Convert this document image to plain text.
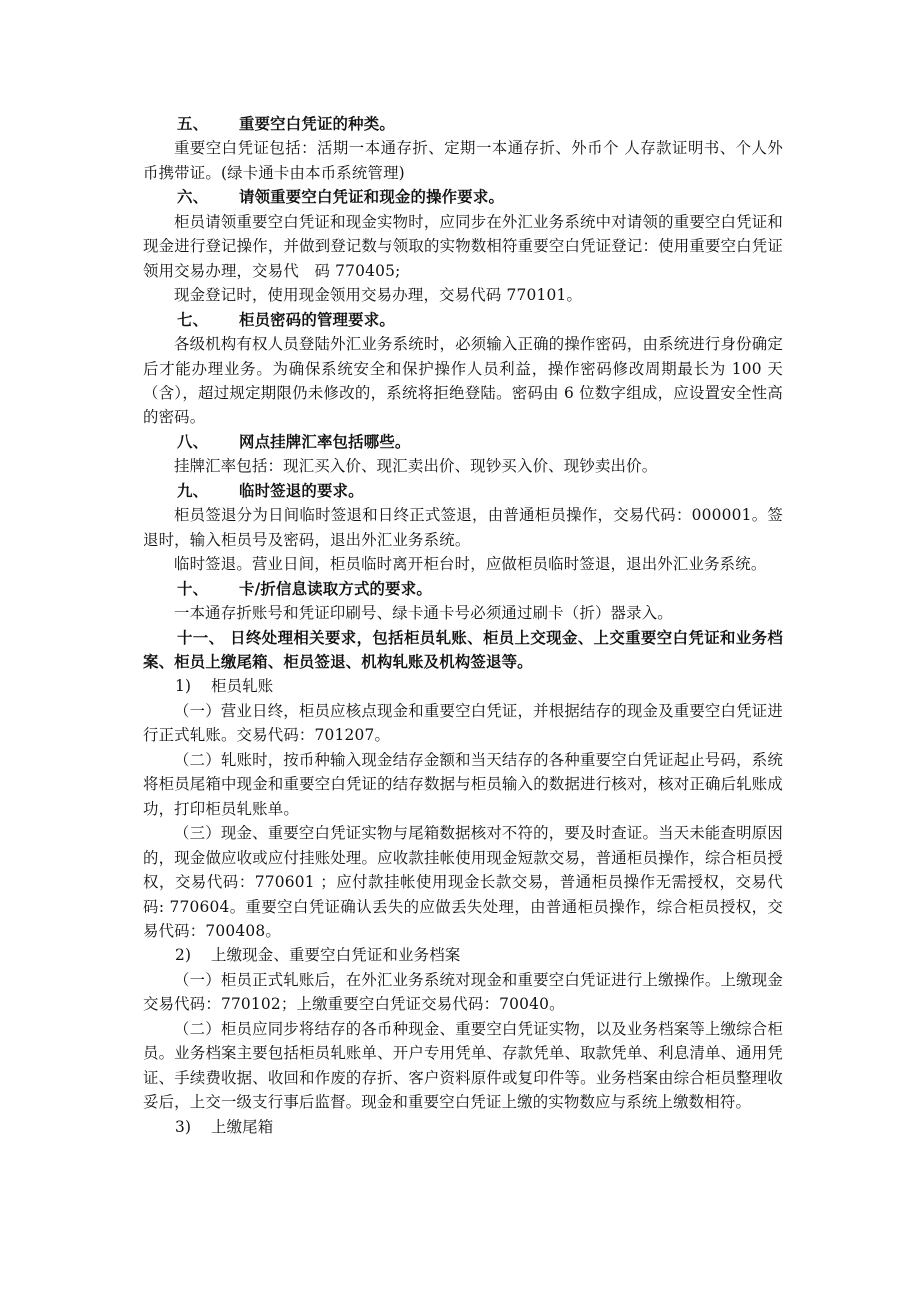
五、 重要空白凭证的种类。

重要空白凭证包括：活期一本通存折、定期一本通存折、外币个 人存款证明书、个人外币携带证。(绿卡通卡由本币系统管理)

六、 请领重要空白凭证和现金的操作要求。

柜员请领重要空白凭证和现金实物时，应同步在外汇业务系统中对请领的重要空白凭证和现金进行登记操作，并做到登记数与领取的实物数相符重要空白凭证登记：使用重要空白凭证领用交易办理，交易代　码 770405;

现金登记时，使用现金领用交易办理，交易代码 770101。

七、 柜员密码的管理要求。

各级机构有权人员登陆外汇业务系统时，必须输入正确的操作密码，由系统进行身份确定后才能办理业务。为确保系统安全和保护操作人员利益，操作密码修改周期最长为 100 天（含），超过规定期限仍未修改的，系统将拒绝登陆。密码由 6 位数字组成，应设置安全性高的密码。

八、 网点挂牌汇率包括哪些。

挂牌汇率包括：现汇买入价、现汇卖出价、现钞买入价、现钞卖出价。

九、 临时签退的要求。

柜员签退分为日间临时签退和日终正式签退，由普通柜员操作，交易代码：000001。签退时，输入柜员号及密码，退出外汇业务系统。

临时签退。营业日间，柜员临时离开柜台时，应做柜员临时签退，退出外汇业务系统。

十、 卡/折信息读取方式的要求。

一本通存折账号和凭证印刷号、绿卡通卡号必须通过刷卡（折）器录入。

十一、 日终处理相关要求，包括柜员轧账、柜员上交现金、上交重要空白凭证和业务档案、柜员上缴尾箱、柜员签退、机构轧账及机构签退等。

1) 柜员轧账

（一）营业日终，柜员应核点现金和重要空白凭证，并根据结存的现金及重要空白凭证进行正式轧账。交易代码：701207。

（二）轧账时，按币种输入现金结存金额和当天结存的各种重要空白凭证起止号码，系统将柜员尾箱中现金和重要空白凭证的结存数据与柜员输入的数据进行核对，核对正确后轧账成功，打印柜员轧账单。

（三）现金、重要空白凭证实物与尾箱数据核对不符的，要及时查证。当天未能查明原因的，现金做应收或应付挂账处理。应收款挂帐使用现金短款交易，普通柜员操作，综合柜员授权，交易代码：770601 ；应付款挂帐使用现金长款交易，普通柜员操作无需授权，交易代码: 770604。重要空白凭证确认丢失的应做丢失处理，由普通柜员操作，综合柜员授权，交易代码：700408。

2) 上缴现金、重要空白凭证和业务档案

（一）柜员正式轧账后，在外汇业务系统对现金和重要空白凭证进行上缴操作。上缴现金交易代码：770102；上缴重要空白凭证交易代码：70040。

（二）柜员应同步将结存的各币种现金、重要空白凭证实物，以及业务档案等上缴综合柜员。业务档案主要包括柜员轧账单、开户专用凭单、存款凭单、取款凭单、利息清单、通用凭证、手续费收据、收回和作废的存折、客户资料原件或复印件等。业务档案由综合柜员整理收妥后，上交一级支行事后监督。现金和重要空白凭证上缴的实物数应与系统上缴数相符。

3) 上缴尾箱
